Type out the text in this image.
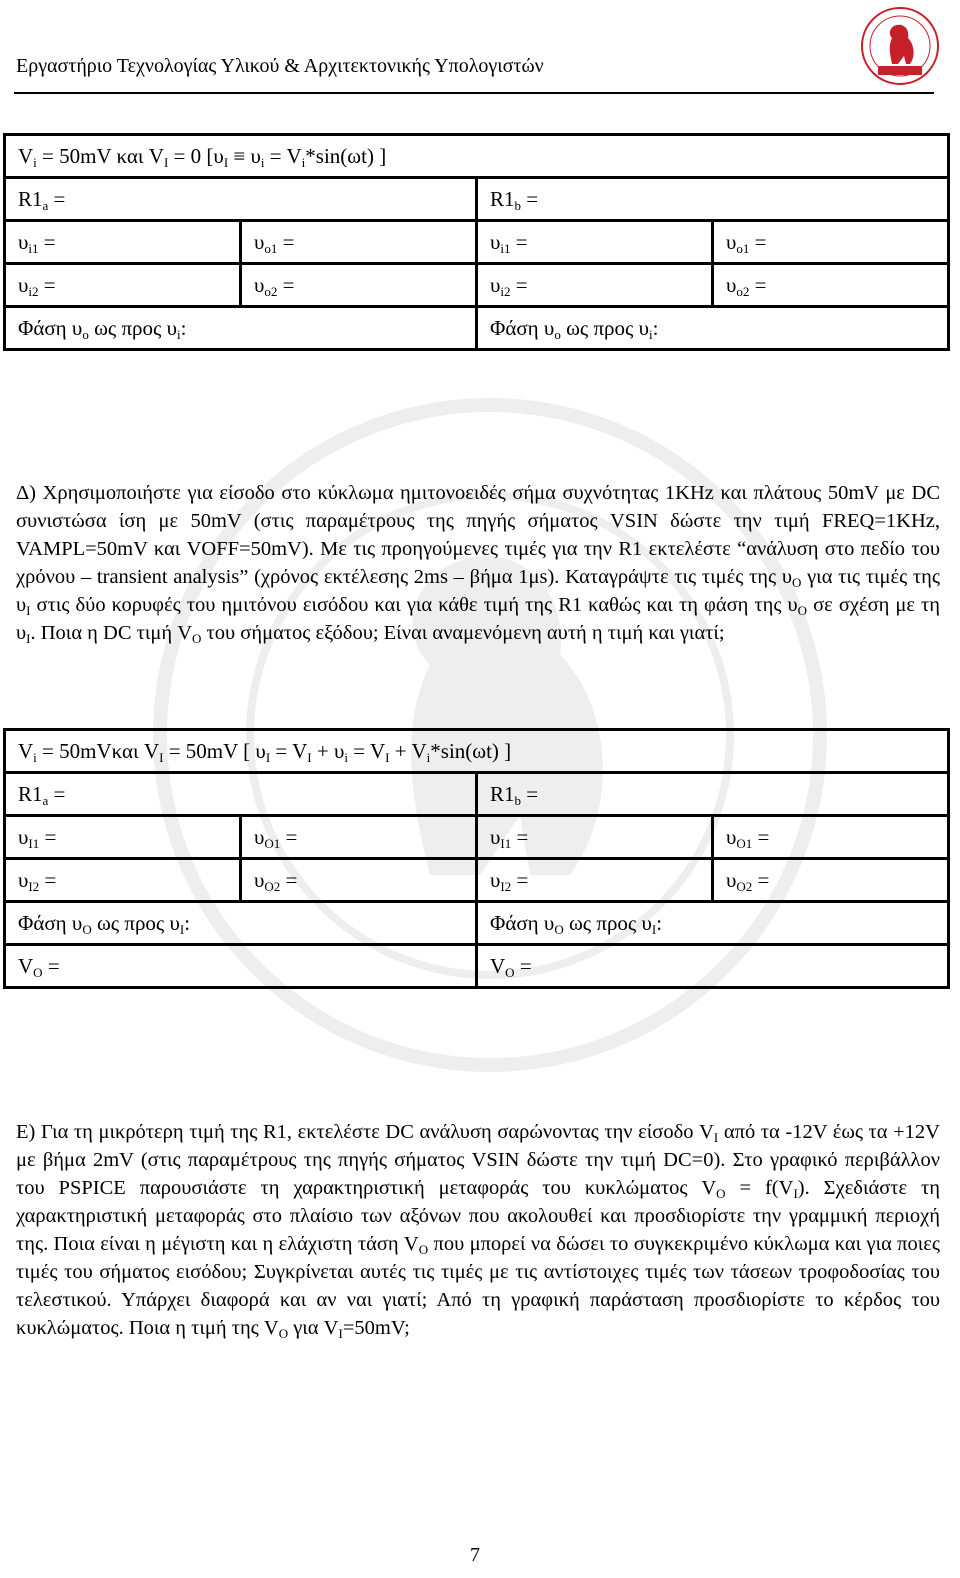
Εργαστήριο Τεχνολογίας Υλικού & Αρχιτεκτονικής Υπολογιστών
$V_i = 50mV$ και $V_I = 0$ [$\upsilon_I \equiv \upsilon_i = V_i*\sin(\omega t)$ ]			
$R1_a$ =		$R1_b$ =	
$\upsilon_{i1}$ =	$\upsilon_{o1}$ =	$\upsilon_{i1}$ =	$\upsilon_{o1}$ =
$\upsilon_{i2}$ =	$\upsilon_{o2}$ =	$\upsilon_{i2}$ =	$\upsilon_{o2}$ =
Φάση $\upsilon_o$ ως προς $\upsilon_i$:		Φάση $\upsilon_o$ ως προς $\upsilon_i$:	
Δ) Χρησιμοποιήστε για είσοδο στο κύκλωμα ημιτονοειδές σήμα συχνότητας 1KHz και πλάτους 50mV με DC συνιστώσα ίση με 50mV (στις παραμέτρους της πηγής σήματος VSIN δώστε την τιμή FREQ=1KHz, VAMPL=50mV και VOFF=50mV). Με τις προηγούμενες τιμές για την R1 εκτελέστε “ανάλυση στο πεδίο του χρόνου – transient analysis” (χρόνος εκτέλεσης 2ms – βήμα 1μs). Καταγράψτε τις τιμές της $\upsilon_O$ για τις τιμές της $\upsilon_I$ στις δύο κορυφές του ημιτόνου εισόδου και για κάθε τιμή της R1 καθώς και τη φάση της $\upsilon_O$ σε σχέση με τη $\upsilon_I$. Ποια η DC τιμή $V_O$ του σήματος εξόδου; Είναι αναμενόμενη αυτή η τιμή και γιατί;
$V_i = 50mV\kappa\alpha\iota$ $V_I = 50mV$ [ $\upsilon_I = V_I + \upsilon_i = V_I + V_i*\sin(\omega t)$ ]			
$R1_a$ =		$R1_b$ =	
$\upsilon_{I1}$ =	$\upsilon_{O1}$ =	$\upsilon_{I1}$ =	$\upsilon_{O1}$ =
$\upsilon_{I2}$ =	$\upsilon_{O2}$ =	$\upsilon_{I2}$ =	$\upsilon_{O2}$ =
Φάση $\upsilon_O$ ως προς $\upsilon_I$:		Φάση $\upsilon_O$ ως προς $\upsilon_I$:	
$V_O$ =		$V_O$ =	
Ε) Για τη μικρότερη τιμή της R1, εκτελέστε DC ανάλυση σαρώνοντας την είσοδο $V_I$ από τα -12V έως τα +12V με βήμα 2mV (στις παραμέτρους της πηγής σήματος VSIN δώστε την τιμή DC=0). Στο γραφικό περιβάλλον του PSPICE παρουσιάστε τη χαρακτηριστική μεταφοράς του κυκλώματος $V_O = f(V_I)$. Σχεδιάστε τη χαρακτηριστική μεταφοράς στο πλαίσιο των αξόνων που ακολουθεί και προσδιορίστε την γραμμική περιοχή της. Ποια είναι η μέγιστη και η ελάχιστη τάση $V_O$ που μπορεί να δώσει το συγκεκριμένο κύκλωμα και για ποιες τιμές του σήματος εισόδου; Συγκρίνεται αυτές τις τιμές με τις αντίστοιχες τιμές των τάσεων τροφοδοσίας του τελεστικού. Υπάρχει διαφορά και αν ναι γιατί; Από τη γραφική παράσταση προσδιορίστε το κέρδος του κυκλώματος. Ποια η τιμή της $V_O$ για $V_I=50mV$;
7
